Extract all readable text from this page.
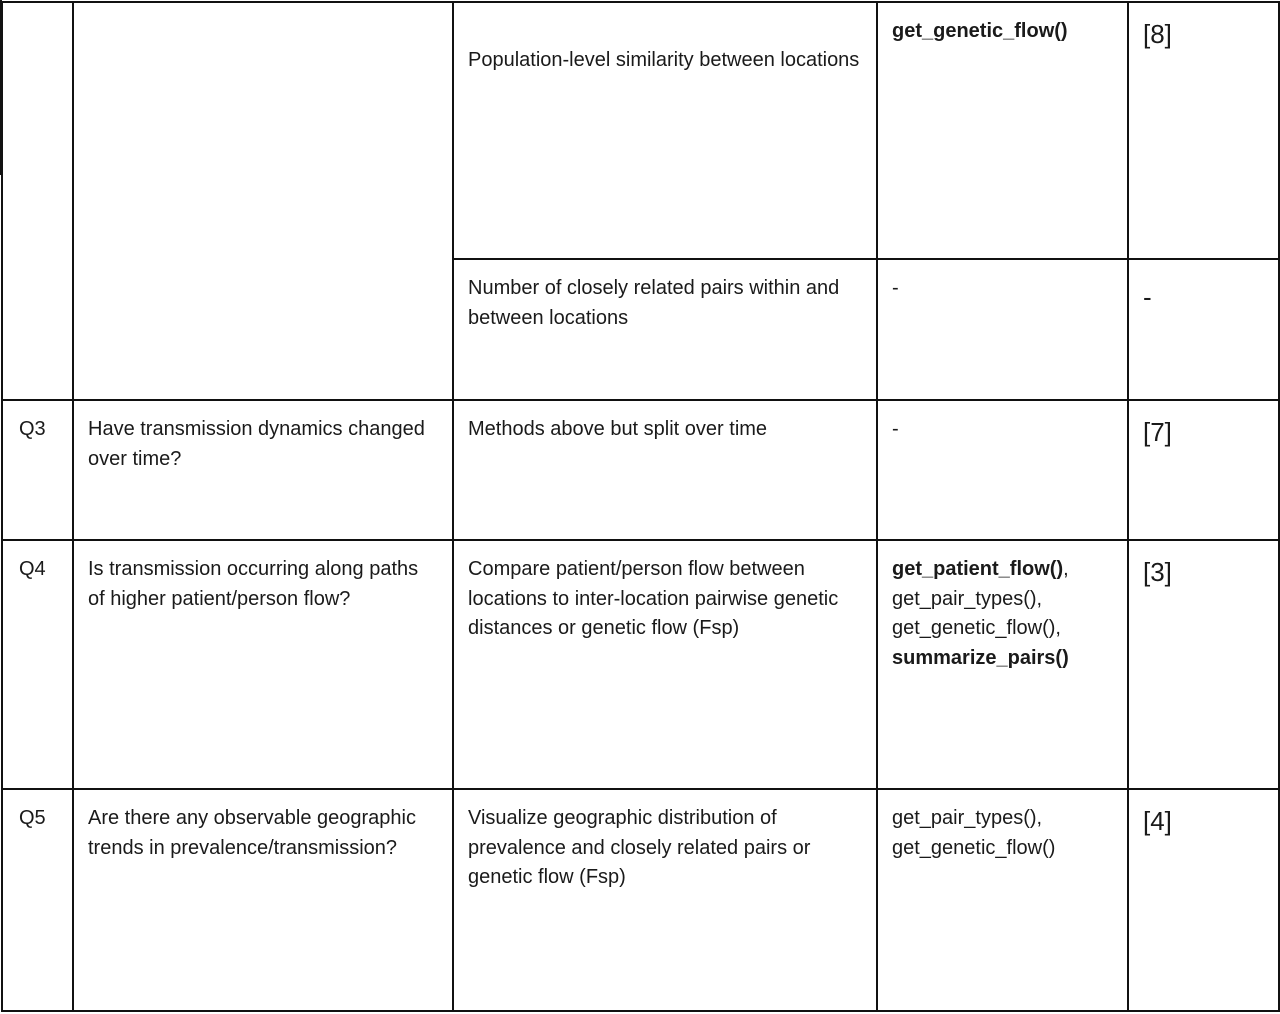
		Population-level similarity between locations	get_genetic_flow()	[8]
		Number of closely related pairs within and between locations	-	-
Q3	Have transmission dynamics changed over time?	Methods above but split over time	-	[7]
Q4	Is transmission occurring along paths of higher patient/person flow?	Compare patient/person flow between locations to inter-location pairwise genetic distances or genetic flow (Fsp)	get_patient_flow(),
get_pair_types(),
get_genetic_flow(),
summarize_pairs()	[3]
Q5	Are there any observable geographic trends in prevalence/transmission?	Visualize geographic distribution of prevalence and closely related pairs or genetic flow (Fsp)	get_pair_types(),
get_genetic_flow()	[4]
